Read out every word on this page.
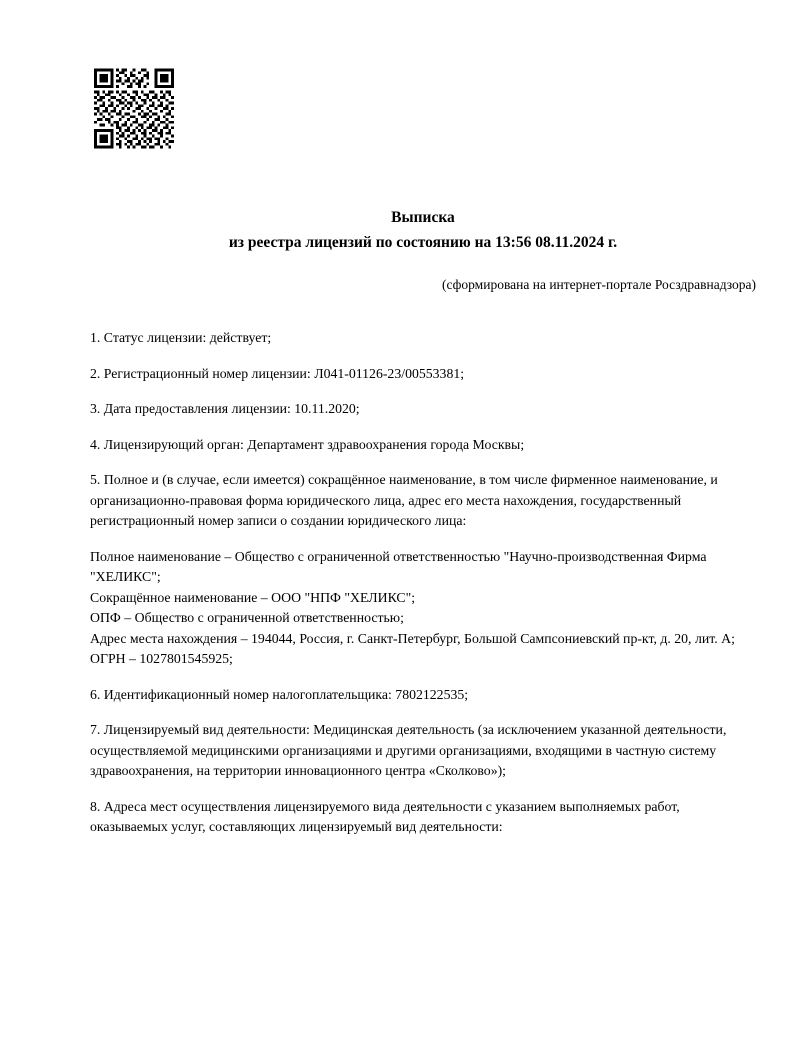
Выписка
из реестра лицензий по состоянию на 13:56 08.11.2024 г.
(сформирована на интернет-портале Росздравнадзора)

1. Статус лицензии: действует;

2. Регистрационный номер лицензии: Л041-01126-23/00553381;

3. Дата предоставления лицензии: 10.11.2020;

4. Лицензирующий орган: Департамент здравоохранения города Москвы;

5. Полное и (в случае, если имеется) сокращённое наименование, в том числе фирменное наименование, и организационно-правовая форма юридического лица, адрес его места нахождения, государственный регистрационный номер записи о создании юридического лица:

Полное наименование – Общество с ограниченной ответственностью "Научно-производственная Фирма "ХЕЛИКС";
Сокращённое наименование – ООО "НПФ "ХЕЛИКС";
ОПФ – Общество с ограниченной ответственностью;
Адрес места нахождения – 194044, Россия, г. Санкт-Петербург, Большой Сампсониевский пр-кт, д. 20, лит. А;
ОГРН – 1027801545925;

6. Идентификационный номер налогоплательщика: 7802122535;

7. Лицензируемый вид деятельности: Медицинская деятельность (за исключением указанной деятельности, осуществляемой медицинскими организациями и другими организациями, входящими в частную систему здравоохранения, на территории инновационного центра «Сколково»);

8. Адреса мест осуществления лицензируемого вида деятельности с указанием выполняемых работ, оказываемых услуг, составляющих лицензируемый вид деятельности:
